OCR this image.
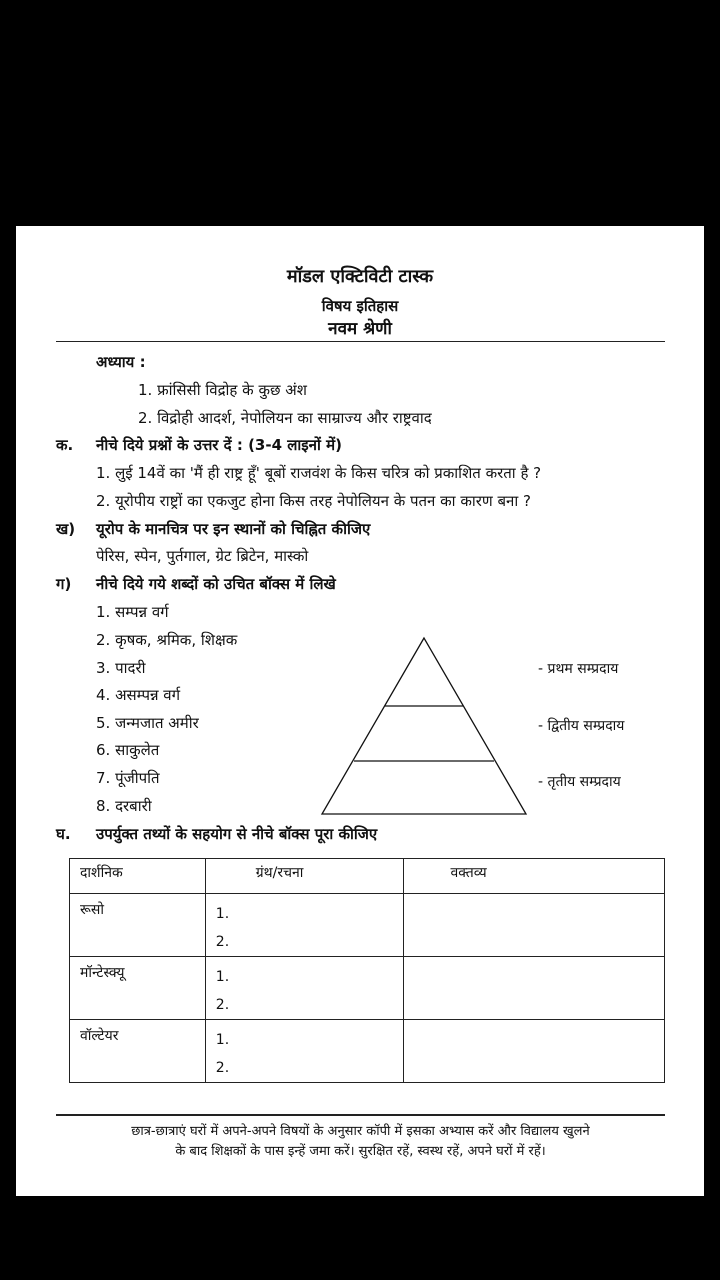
मॉडल एक्टिविटी टास्क
विषय इतिहास
नवम श्रेणी
अध्याय :
1. फ्रांसिसी विद्रोह के कुछ अंश
2. विद्रोही आदर्श, नेपोलियन का साम्राज्य और राष्ट्रवाद
क. नीचे दिये प्रश्नों के उत्तर दें : (3-4 लाइनों में)
1. लुई 14वें का 'मैं ही राष्ट्र हूँ' बूबों राजवंश के किस चरित्र को प्रकाशित करता है ?
2. यूरोपीय राष्ट्रों का एकजुट होना किस तरह नेपोलियन के पतन का कारण बना ?
ख) यूरोप के मानचित्र पर इन स्थानों को चिह्नित कीजिए
पेरिस, स्पेन, पुर्तगाल, ग्रेट ब्रिटेन, मास्को
ग) नीचे दिये गये शब्दों को उचित बॉक्स में लिखे
1. सम्पन्न वर्ग
2. कृषक, श्रमिक, शिक्षक
3. पादरी
4. असम्पन्न वर्ग
5. जन्मजात अमीर
6. साकुलेत
7. पूंजीपति
8. दरबारी
- प्रथम सम्प्रदाय
- द्वितीय सम्प्रदाय
- तृतीय सम्प्रदाय
घ. उपर्युक्त तथ्यों के सहयोग से नीचे बॉक्स पूरा कीजिए
दार्शनिक	ग्रंथ/रचना	वक्तव्य

रूसो	1.
2.	

मॉन्टेस्क्यू	1.
2.	

वॉल्टेयर	1.
2.	

छात्र-छात्राएं घरों में अपने-अपने विषयों के अनुसार कॉपी में इसका अभ्यास करें और विद्यालय खुलने
के बाद शिक्षकों के पास इन्हें जमा करें। सुरक्षित रहें, स्वस्थ रहें, अपने घरों में रहें।
